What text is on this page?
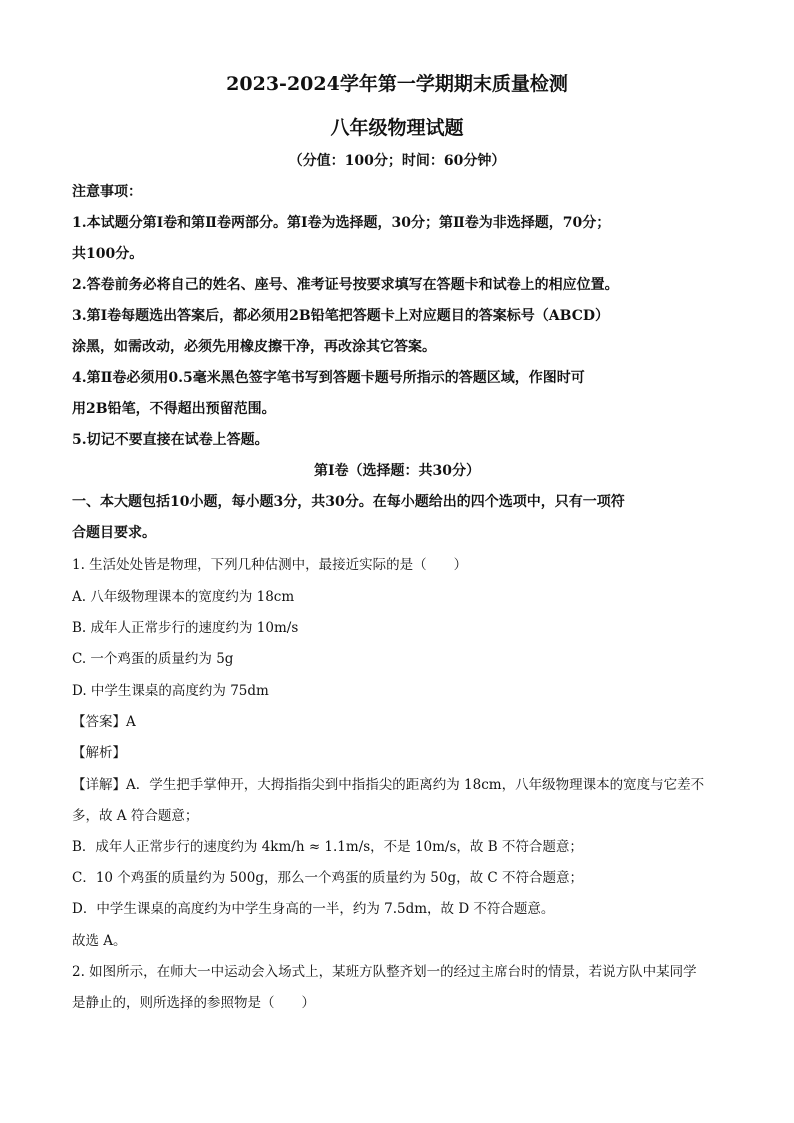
2023-2024学年第一学期期末质量检测
八年级物理试题
（分值：100分；时间：60分钟）
注意事项：
1.本试题分第Ⅰ卷和第Ⅱ卷两部分。第Ⅰ卷为选择题，30分；第Ⅱ卷为非选择题，70分；
共100分。
2.答卷前务必将自己的姓名、座号、准考证号按要求填写在答题卡和试卷上的相应位置。
3.第Ⅰ卷每题选出答案后，都必须用2B铅笔把答题卡上对应题目的答案标号（ABCD）
涂黑，如需改动，必须先用橡皮擦干净，再改涂其它答案。
4.第Ⅱ卷必须用0.5毫米黑色签字笔书写到答题卡题号所指示的答题区域，作图时可
用2B铅笔，不得超出预留范围。
5.切记不要直接在试卷上答题。
第Ⅰ卷（选择题：共30分）
一、本大题包括10小题，每小题3分，共30分。在每小题给出的四个选项中，只有一项符
合题目要求。
1. 生活处处皆是物理，下列几种估测中，最接近实际的是（　　）
A. 八年级物理课本的宽度约为 18cm
B. 成年人正常步行的速度约为 10m/s
C. 一个鸡蛋的质量约为 5g
D. 中学生课桌的高度约为 75dm
【答案】A
【解析】
【详解】A．学生把手掌伸开，大拇指指尖到中指指尖的距离约为 18cm，八年级物理课本的宽度与它差不
多，故 A 符合题意；
B．成年人正常步行的速度约为 4km/h ≈ 1.1m/s，不是 10m/s，故 B 不符合题意；
C．10 个鸡蛋的质量约为 500g，那么一个鸡蛋的质量约为 50g，故 C 不符合题意；
D．中学生课桌的高度约为中学生身高的一半，约为 7.5dm，故 D 不符合题意。
故选 A。
2. 如图所示，在师大一中运动会入场式上，某班方队整齐划一的经过主席台时的情景，若说方队中某同学
是静止的，则所选择的参照物是（　　）
